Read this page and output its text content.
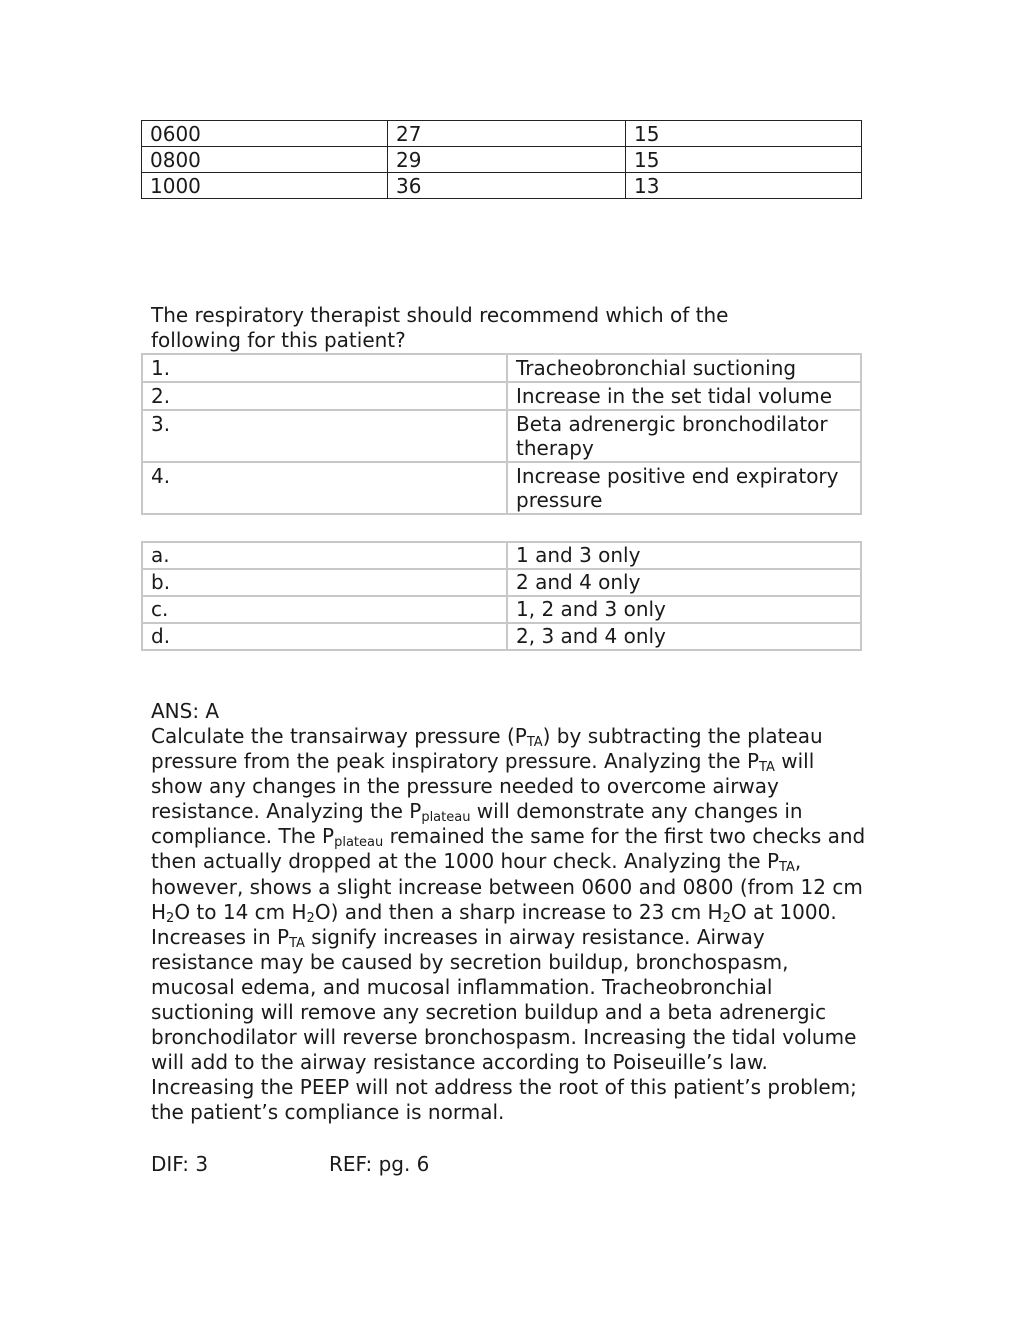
0600	27	15
0800	29	15
1000	36	13

The respiratory therapist should recommend which of the following for this patient?

1.	Tracheobronchial suctioning
2.	Increase in the set tidal volume
3.	Beta adrenergic bronchodilator therapy
4.	Increase positive end expiratory pressure
a.	1 and 3 only
b.	2 and 4 only
c.	1, 2 and 3 only
d.	2, 3 and 4 only

ANS: A

Calculate the transairway pressure $(P_{TA})$ by subtracting the plateau pressure from the peak inspiratory pressure. Analyzing the $P_{TA}$ will show any changes in the pressure needed to overcome airway resistance. Analyzing the $P_{plateau}$ will demonstrate any changes in compliance. The $P_{plateau}$ remained the same for the first two checks and then actually dropped at the 1000 hour check. Analyzing the $P_{TA}$, however, shows a slight increase between 0600 and 0800 (from 12 cm $H_2O$ to 14 cm $H_2O$) and then a sharp increase to 23 cm $H_2O$ at 1000. Increases in $P_{TA}$ signify increases in airway resistance. Airway resistance may be caused by secretion buildup, bronchospasm, mucosal edema, and mucosal inflammation. Tracheobronchial suctioning will remove any secretion buildup and a beta adrenergic bronchodilator will reverse bronchospasm. Increasing the tidal volume will add to the airway resistance according to Poiseuille’s law. Increasing the PEEP will not address the root of this patient’s problem; the patient’s compliance is normal.

DIF: 3	REF: pg. 6
